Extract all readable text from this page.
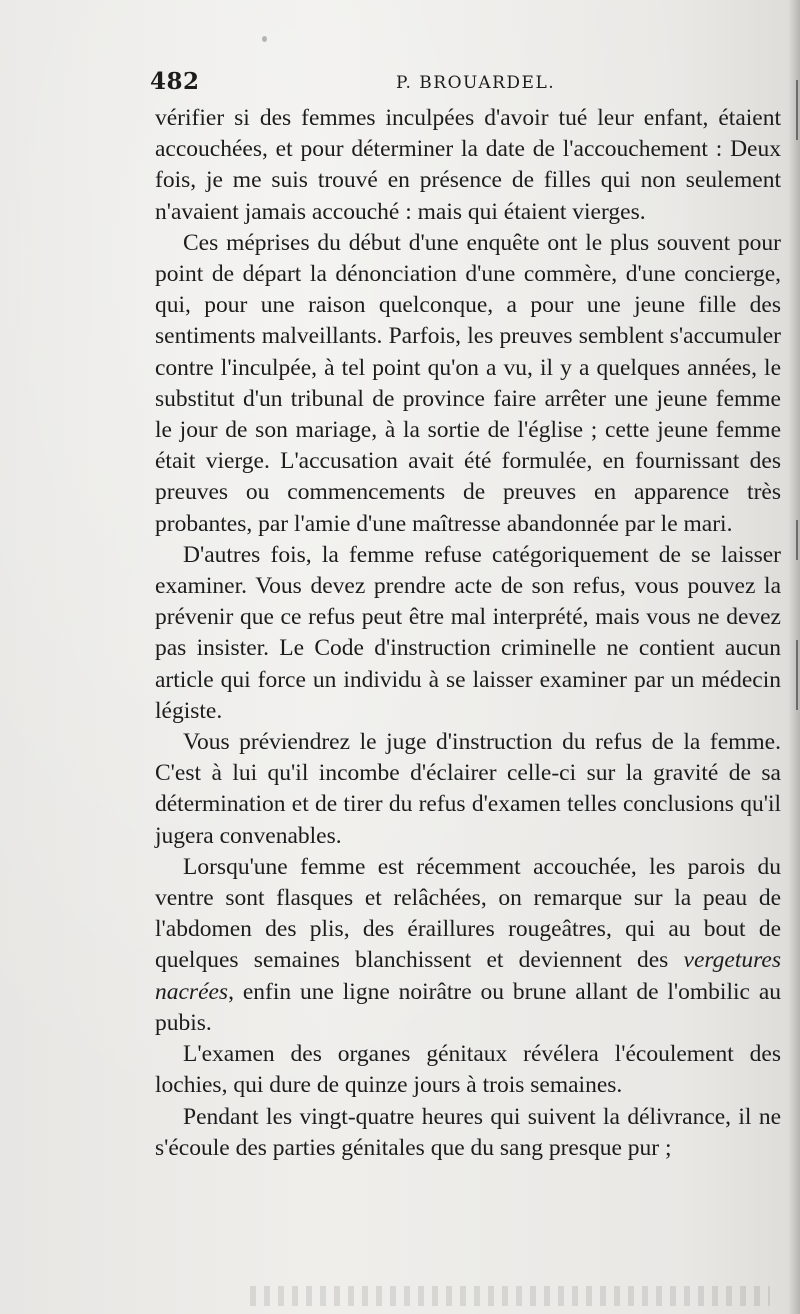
482	P. BROUARDEL.

vérifier si des femmes inculpées d'avoir tué leur enfant, étaient accouchées, et pour déterminer la date de l'accouchement : Deux fois, je me suis trouvé en présence de filles qui non seulement n'avaient jamais accouché : mais qui étaient vierges.

Ces méprises du début d'une enquête ont le plus souvent pour point de départ la dénonciation d'une commère, d'une concierge, qui, pour une raison quelconque, a pour une jeune fille des sentiments malveillants. Parfois, les preuves semblent s'accumuler contre l'inculpée, à tel point qu'on a vu, il y a quelques années, le substitut d'un tribunal de province faire arrêter une jeune femme le jour de son mariage, à la sortie de l'église ; cette jeune femme était vierge. L'accusation avait été formulée, en fournissant des preuves ou commencements de preuves en apparence très probantes, par l'amie d'une maîtresse abandonnée par le mari.

D'autres fois, la femme refuse catégoriquement de se laisser examiner. Vous devez prendre acte de son refus, vous pouvez la prévenir que ce refus peut être mal interprété, mais vous ne devez pas insister. Le Code d'instruction criminelle ne contient aucun article qui force un individu à se laisser examiner par un médecin légiste.

Vous préviendrez le juge d'instruction du refus de la femme. C'est à lui qu'il incombe d'éclairer celle-ci sur la gravité de sa détermination et de tirer du refus d'examen telles conclusions qu'il jugera convenables.

Lorsqu'une femme est récemment accouchée, les parois du ventre sont flasques et relâchées, on remarque sur la peau de l'abdomen des plis, des éraillures rougeâtres, qui au bout de quelques semaines blanchissent et deviennent des vergetures nacrées, enfin une ligne noirâtre ou brune allant de l'ombilic au pubis.

L'examen des organes génitaux révélera l'écoulement des lochies, qui dure de quinze jours à trois semaines.

Pendant les vingt-quatre heures qui suivent la délivrance, il ne s'écoule des parties génitales que du sang presque pur ;
